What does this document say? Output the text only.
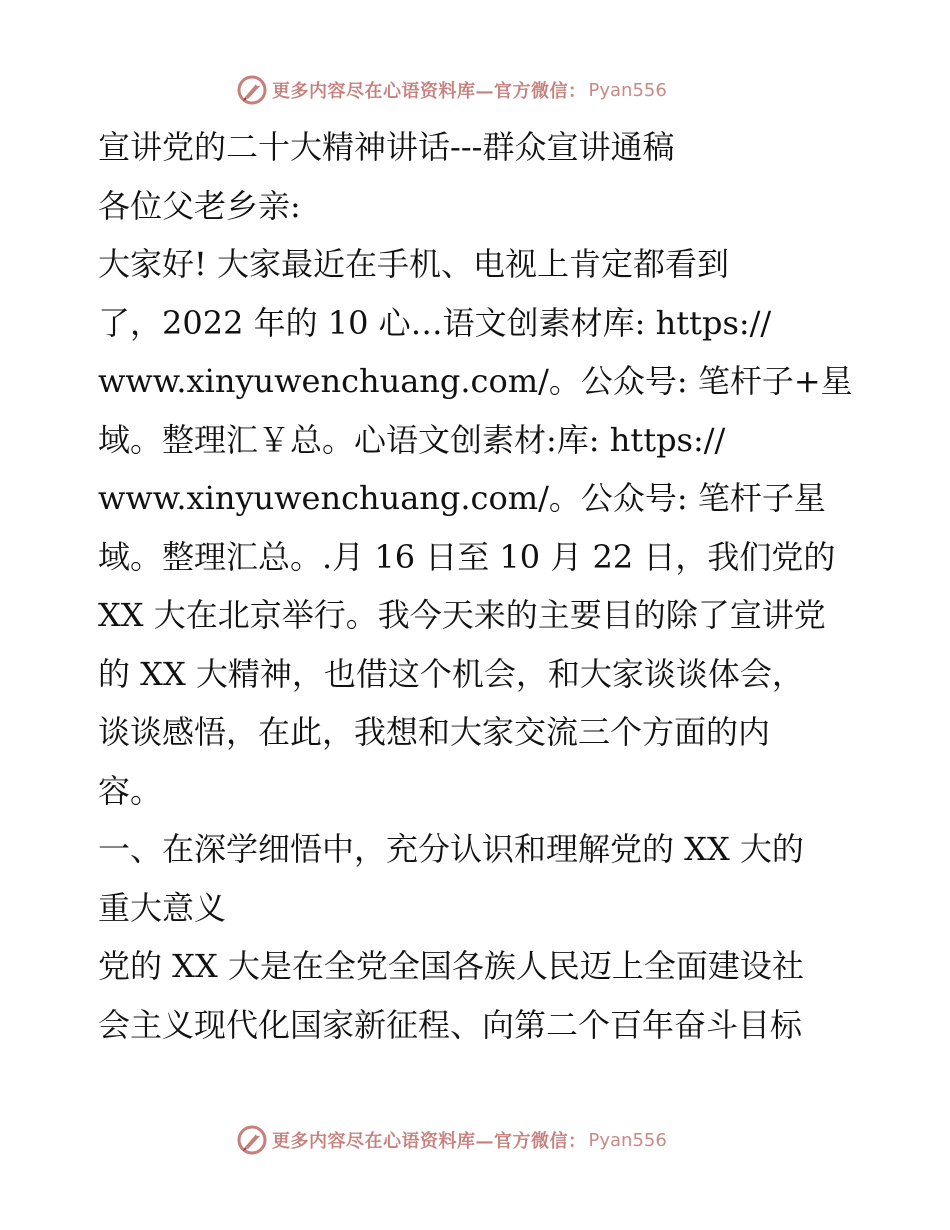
更多内容尽在心语资料库—官方微信： Pyan556
宣讲党的二十大精神讲话---群众宣讲通稿
各位父老乡亲:
大家好! 大家最近在手机、电视上肯定都看到
了，2022 年的 10 心…语文创素材库: https://
www.xinyuwenchuang.com/。公众号: 笔杆子+星
域。整理汇￥总。心语文创素材:库: https://
www.xinyuwenchuang.com/。公众号: 笔杆子星
域。整理汇总。.月 16 日至 10 月 22 日，我们党的
XX 大在北京举行。我今天来的主要目的除了宣讲党
的 XX 大精神，也借这个机会，和大家谈谈体会，
谈谈感悟，在此，我想和大家交流三个方面的内
容。
一、在深学细悟中，充分认识和理解党的 XX 大的
重大意义
党的 XX 大是在全党全国各族人民迈上全面建设社
会主义现代化国家新征程、向第二个百年奋斗目标
更多内容尽在心语资料库—官方微信： Pyan556
